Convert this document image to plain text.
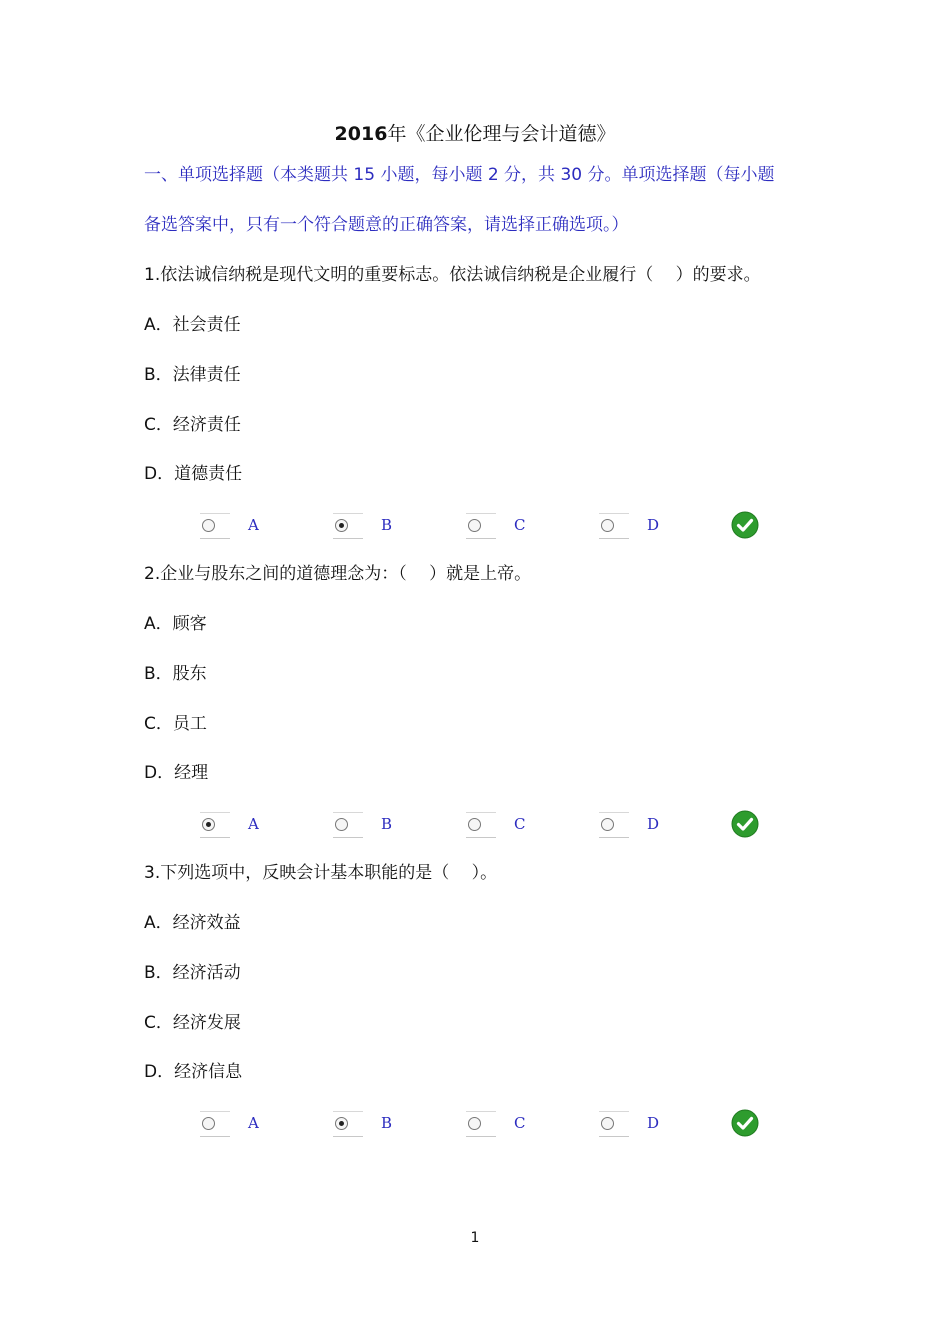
2016年《企业伦理与会计道德》
一、单项选择题（本类题共 15 小题，每小题 2 分，共 30 分。单项选择题（每小题
备选答案中，只有一个符合题意的正确答案，请选择正确选项。）
1.依法诚信纳税是现代文明的重要标志。依法诚信纳税是企业履行（　 ）的要求。
A．社会责任
B．法律责任
C．经济责任
D．道德责任
A	B	C	D
2.企业与股东之间的道德理念为：（　 ）就是上帝。
A．顾客
B．股东
C．员工
D．经理
A	B	C	D
3.下列选项中，反映会计基本职能的是（　 ）。
A．经济效益
B．经济活动
C．经济发展
D．经济信息
A	B	C	D
1
